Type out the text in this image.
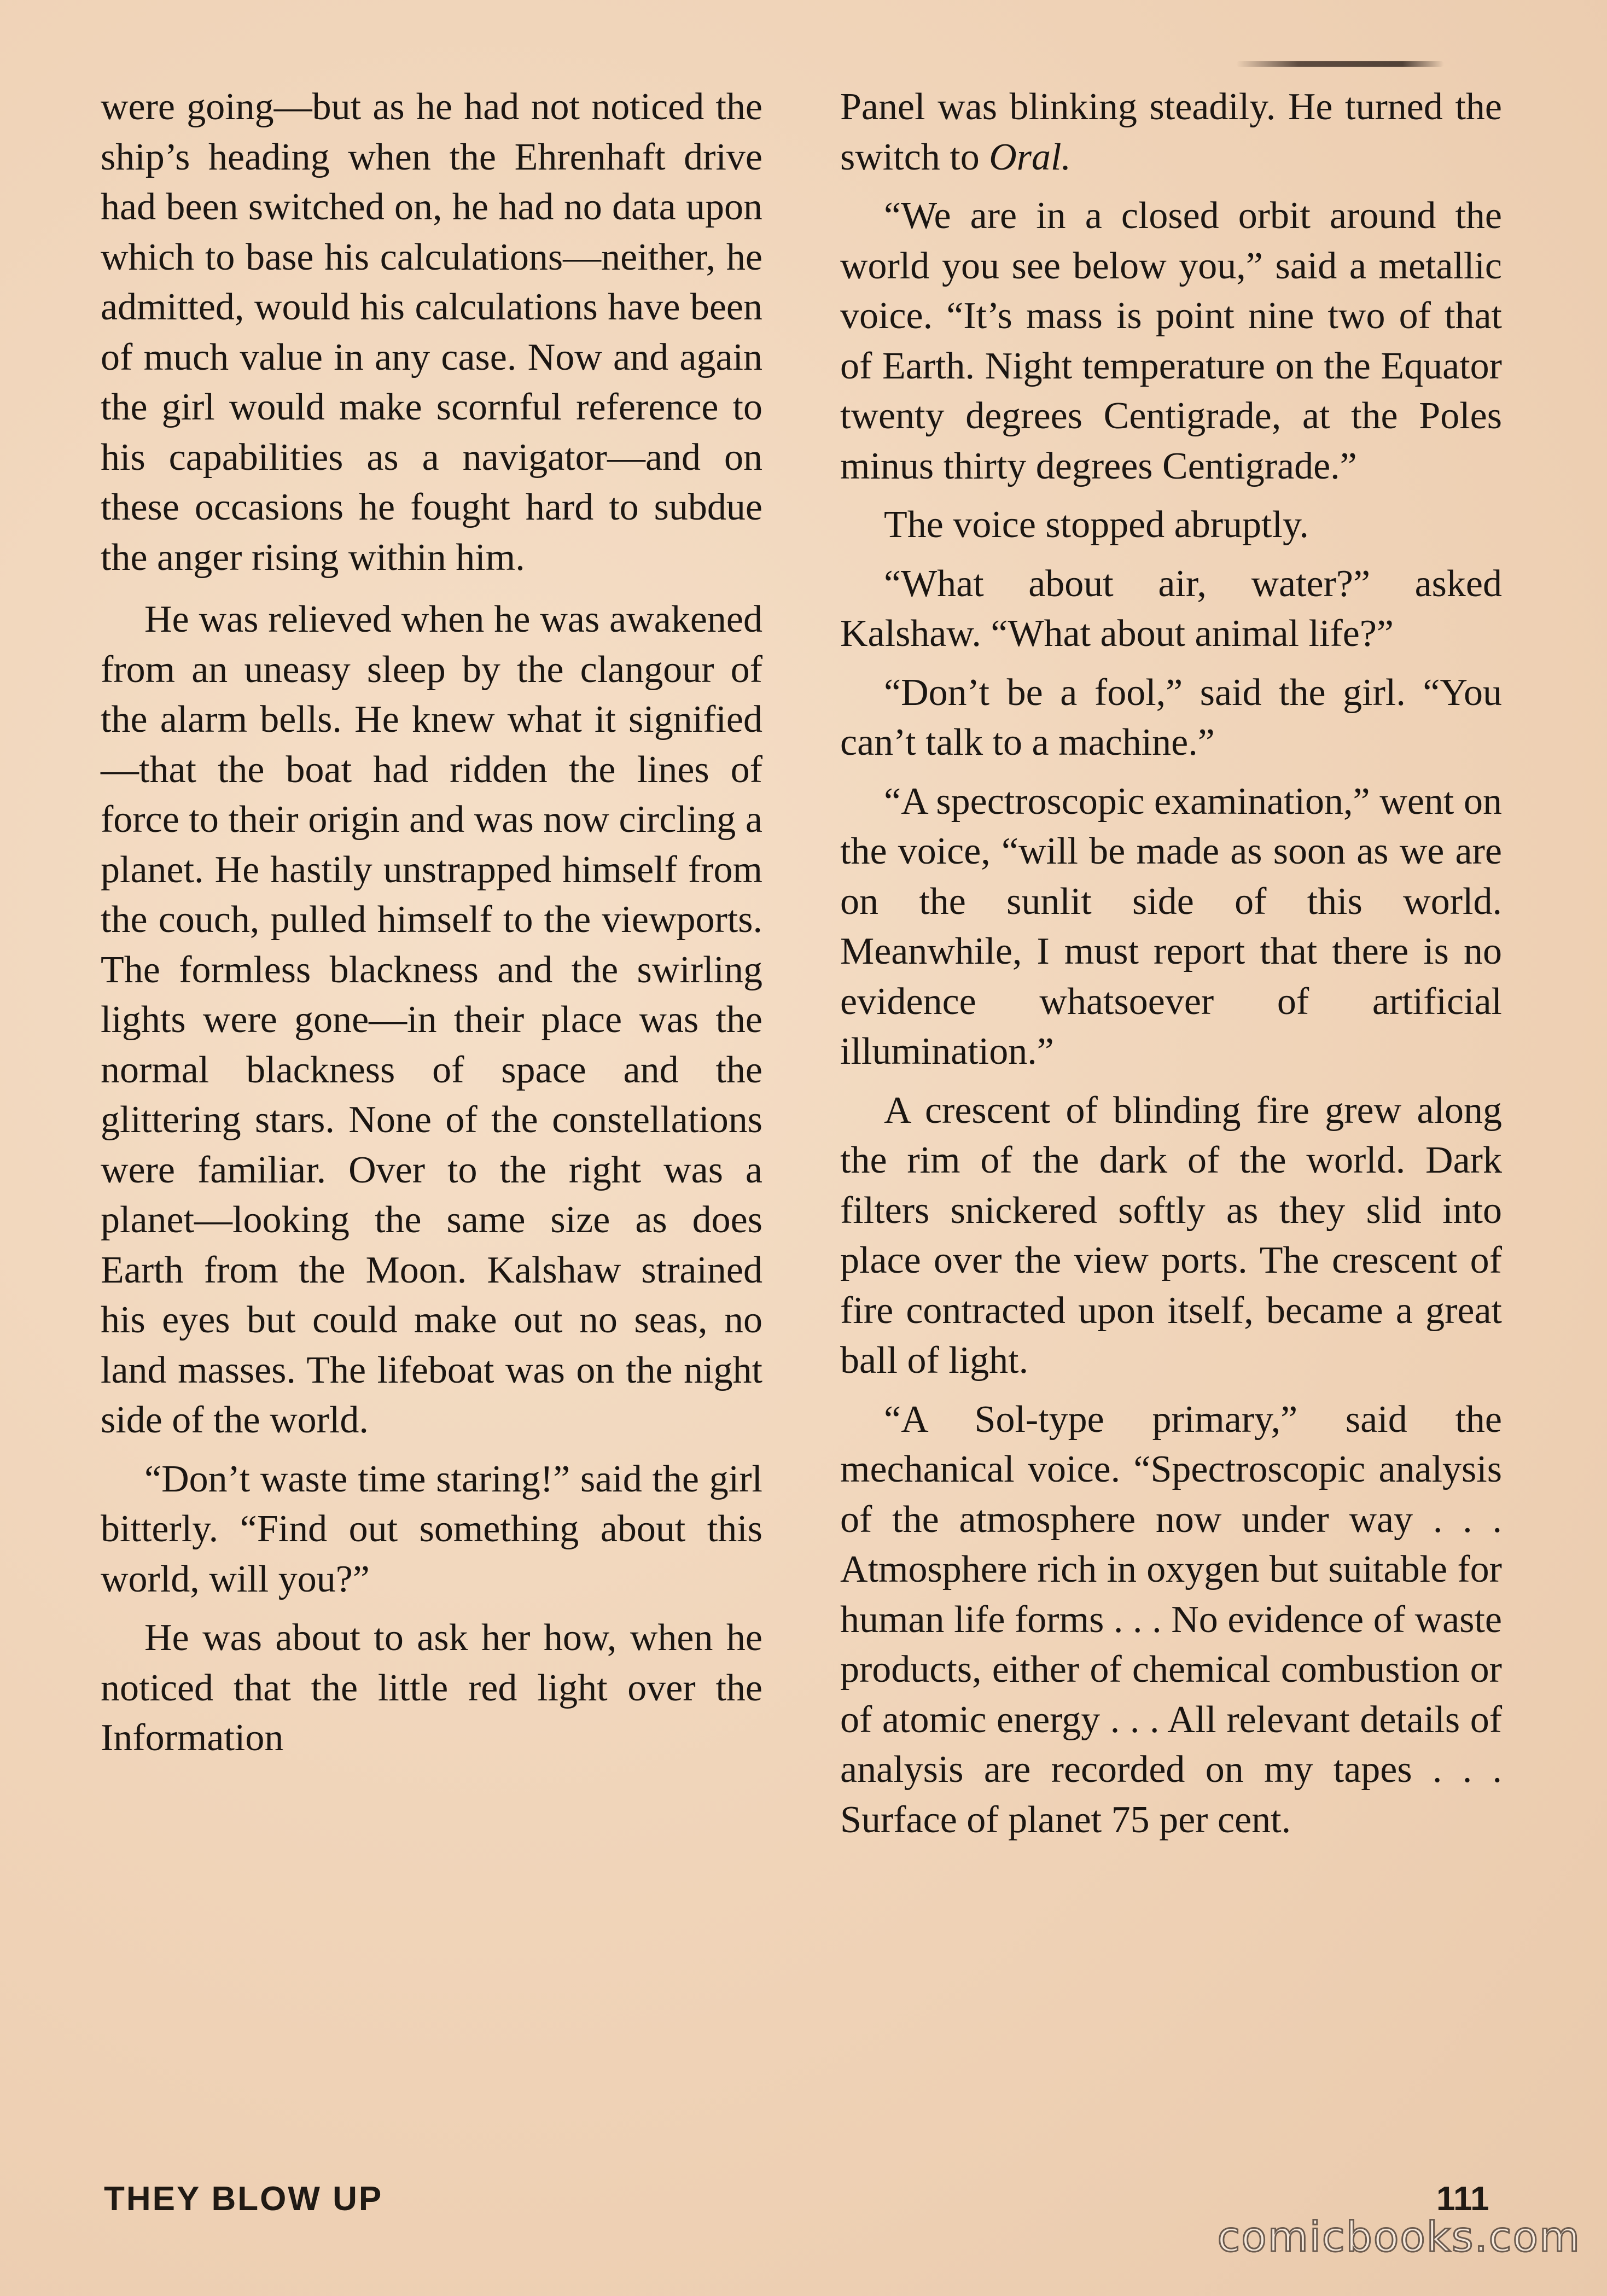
were going—but as he had not noticed the ship’s heading when the Ehrenhaft drive had been switched on, he had no data upon which to base his calculations—neither, he admitted, would his calculations have been of much value in any case. Now and again the girl would make scornful reference to his capabilities as a navigator—and on these occasions he fought hard to subdue the anger rising within him.

He was relieved when he was awakened from an uneasy sleep by the clangour of the alarm bells. He knew what it signified—that the boat had ridden the lines of force to their origin and was now circling a planet. He hastily unstrapped himself from the couch, pulled himself to the viewports. The formless blackness and the swirling lights were gone—in their place was the normal blackness of space and the glittering stars. None of the constellations were familiar. Over to the right was a planet—looking the same size as does Earth from the Moon. Kalshaw strained his eyes but could make out no seas, no land masses. The lifeboat was on the night side of the world.

“Don’t waste time staring!” said the girl bitterly. “Find out something about this world, will you?”

He was about to ask her how, when he noticed that the little red light over the Information

Panel was blinking steadily. He turned the switch to Oral.

“We are in a closed orbit around the world you see below you,” said a metallic voice. “It’s mass is point nine two of that of Earth. Night temperature on the Equator twenty degrees Centigrade, at the Poles minus thirty degrees Centigrade.”

The voice stopped abruptly.

“What about air, water?” asked Kalshaw. “What about animal life?”

“Don’t be a fool,” said the girl. “You can’t talk to a machine.”

“A spectroscopic examination,” went on the voice, “will be made as soon as we are on the sunlit side of this world. Meanwhile, I must report that there is no evidence whatsoever of artificial illumination.”

A crescent of blinding fire grew along the rim of the dark of the world. Dark filters snickered softly as they slid into place over the view ports. The crescent of fire contracted upon itself, became a great ball of light.

“A Sol-type primary,” said the mechanical voice. “Spectroscopic analysis of the atmosphere now under way . . . Atmosphere rich in oxygen but suitable for human life forms . . . No evidence of waste products, either of chemical combustion or of atomic energy . . . All relevant details of analysis are recorded on my tapes . . . Surface of planet 75 per cent.

THEY BLOW UP	111
comicbooks.com
